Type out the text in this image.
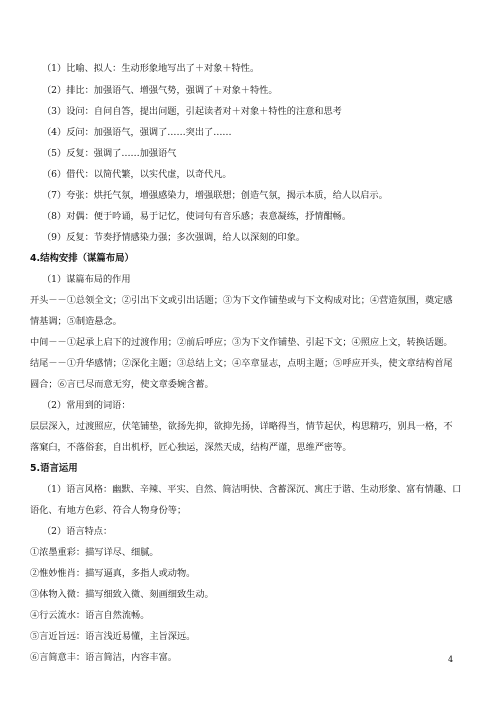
（1）比喻、拟人：生动形象地写出了＋对象＋特性。
（2）排比：加强语气、增强气势，强调了＋对象＋特性。
（3）设问：自问自答，提出问题，引起读者对＋对象＋特性的注意和思考
（4）反问：加强语气，强调了……突出了……
（5）反复：强调了……加强语气
（6）借代：以简代繁，以实代虚，以奇代凡。
（7）夸张：烘托气氛，增强感染力，增强联想；创造气氛，揭示本质，给人以启示。
（8）对偶：便于吟诵，易于记忆，使词句有音乐感；表意凝练，抒情酣畅。
（9）反复：节奏抒情感染力强；多次强调，给人以深刻的印象。
4.结构安排（谋篇布局）
（1）谋篇布局的作用
开头－－①总领全文；②引出下文或引出话题；③为下文作铺垫或与下文构成对比；④营造氛围，奠定感
情基调；⑤制造悬念。
中间－－①起承上启下的过渡作用；②前后呼应；③为下文作铺垫、引起下文；④照应上文，转换话题。
结尾－－①升华感情；②深化主题；③总结上文；④卒章显志，点明主题；⑤呼应开头，使文章结构首尾
圆合；⑥言已尽而意无穷，使文章委婉含蓄。
（2）常用到的词语：
层层深入，过渡照应，伏笔铺垫，欲扬先抑，欲抑先扬，详略得当，情节起伏，构思精巧，别具一格，不
落窠臼，不落俗套，自出机杼，匠心独运，深然天成，结构严谨，思维严密等。
5.语言运用
（1）语言风格：幽默、辛辣、平实、自然、简洁明快、含蓄深沉、寓庄于谐、生动形象、富有情趣、口
语化、有地方色彩、符合人物身份等；
（2）语言特点：
①浓墨重彩：描写详尽、细腻。
②惟妙惟肖：描写逼真，多指人或动物。
③体物入微：描写细致入微、刻画细致生动。
④行云流水：语言自然流畅。
⑤言近旨远：语言浅近易懂，主旨深远。
⑥言简意丰：语言简洁，内容丰富。	4
